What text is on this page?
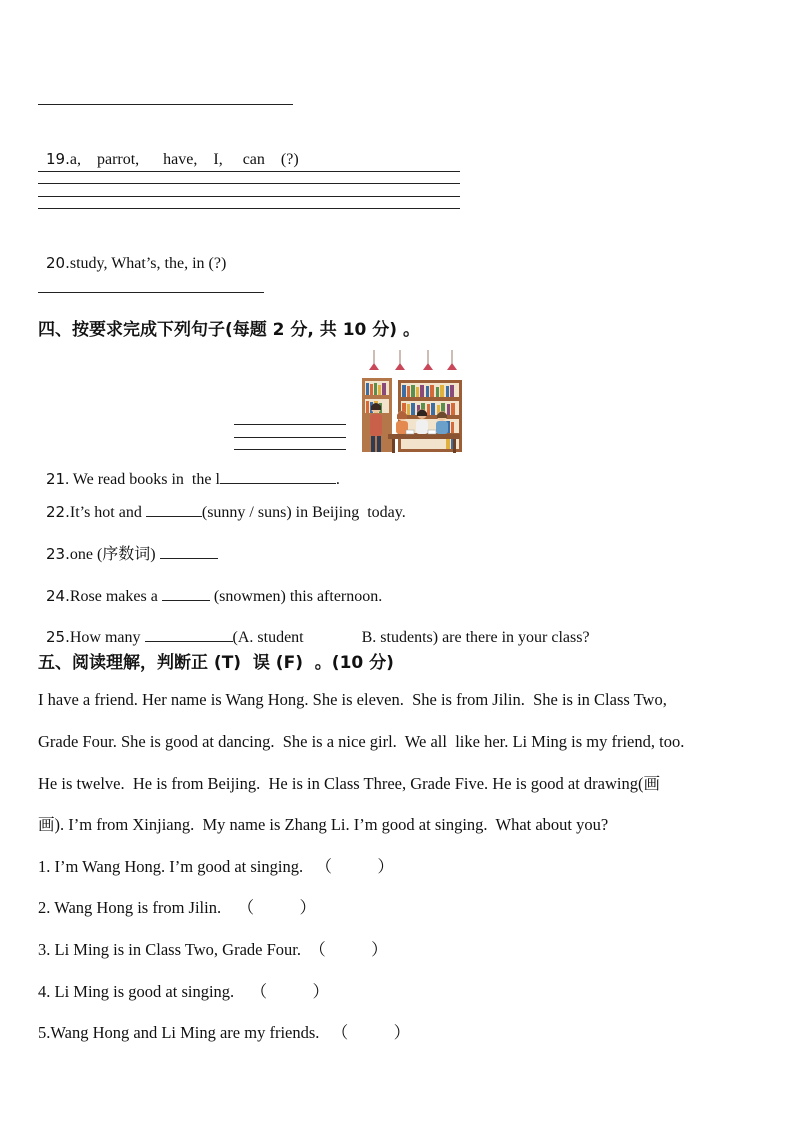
19.a,    parrot,      have,    I,     can    (?)

20.study, What’s, the, in (?)

四、按要求完成下列句子(每题 2 分, 共 10 分) 。

21. We read books in  the l	.

22.It’s hot and	(sunny / suns) in Beijing  today.

23.one (序数词)

24.Rose makes a	(snowmen) this afternoon.

25.How many	(A. student	B. students) are there in your class?

五、阅读理解，判断正 (T)  误 (F)  。(10 分)
I have a friend. Her name is Wang Hong. She is eleven.  She is from Jilin.  She is in Class Two,
Grade Four. She is good at dancing.  She is a nice girl.  We all  like her. Li Ming is my friend, too.
He is twelve.  He is from Beijing.  He is in Class Three, Grade Five. He is good at drawing(画
画). I’m from Xinjiang.  My name is Zhang Li. I’m good at singing.  What about you?
1. I’m Wang Hong. I’m good at singing.   （           ）
2. Wang Hong is from Jilin.    （           ）
3. Li Ming is in Class Two, Grade Four.  （           ）
4. Li Ming is good at singing.    （           ）
5.Wang Hong and Li Ming are my friends.   （           ）
